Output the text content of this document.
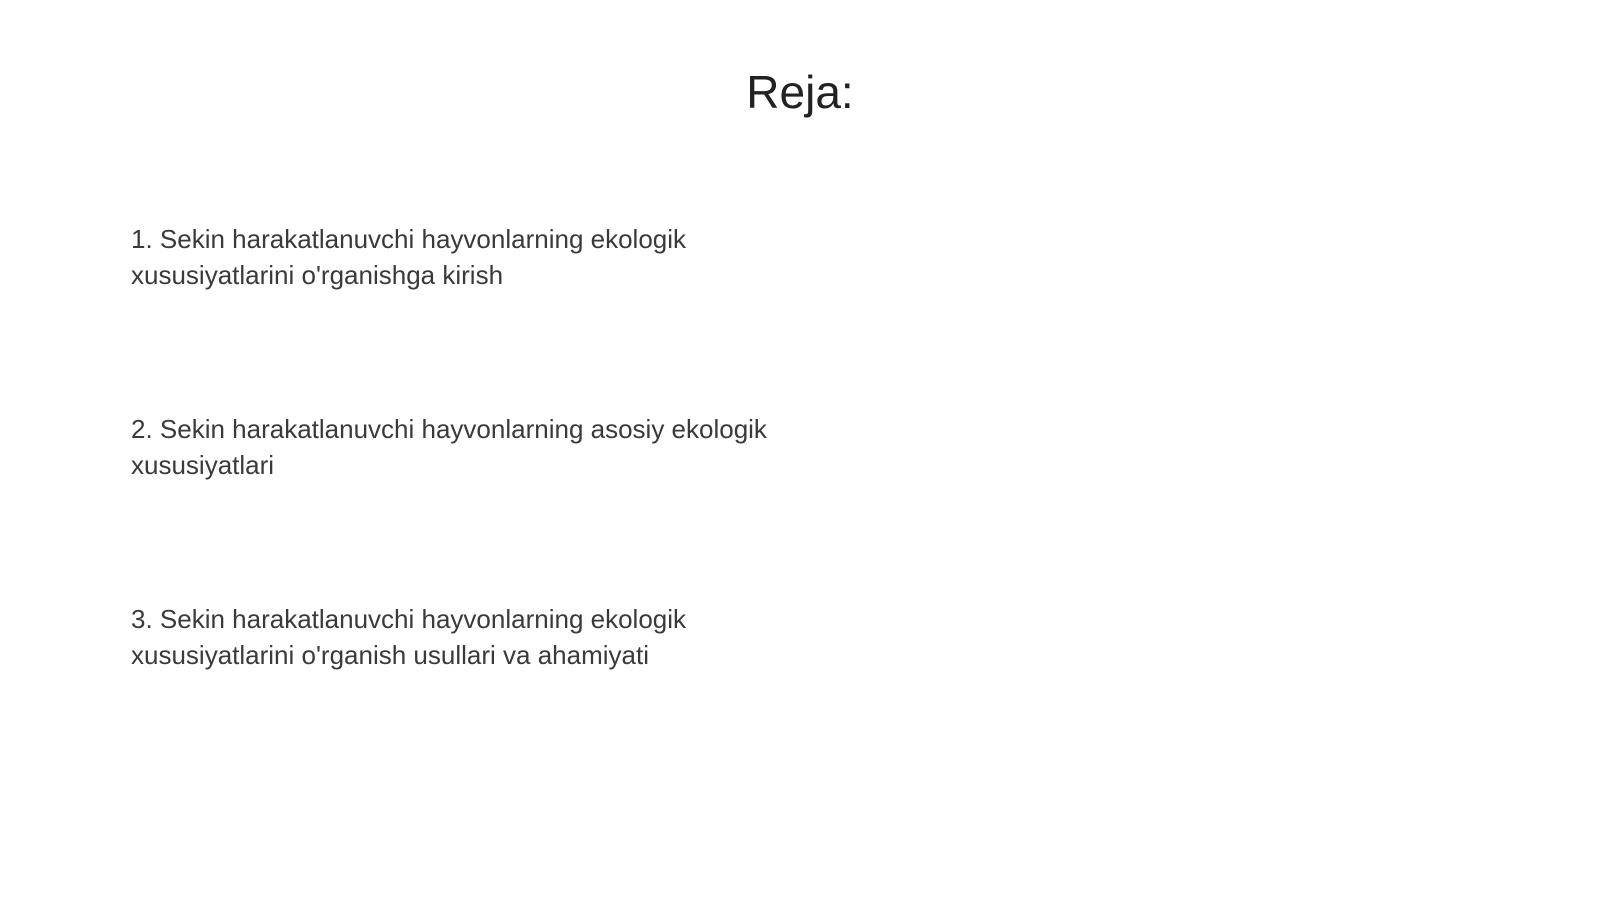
Reja:
1. Sekin harakatlanuvchi hayvonlarning ekologik
xususiyatlarini o'rganishga kirish
2. Sekin harakatlanuvchi hayvonlarning asosiy ekologik
xususiyatlari
3. Sekin harakatlanuvchi hayvonlarning ekologik
xususiyatlarini o'rganish usullari va ahamiyati
